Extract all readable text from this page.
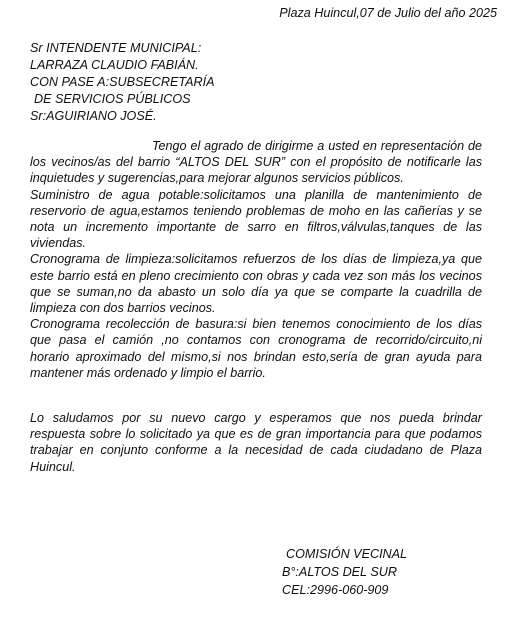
Plaza Huincul,07 de Julio del año 2025
Sr INTENDENTE MUNICIPAL:
LARRAZA CLAUDIO FABIÁN.
CON PASE A:SUBSECRETARÍA
DE SERVICIOS PÚBLICOS
Sr:AGUIRIANO JOSÉ.

Tengo el agrado de dirigirme a usted en representación de los vecinos/as del barrio “ALTOS DEL SUR” con el propósito de notificarle las inquietudes y sugerencias,para mejorar algunos servicios públicos.

Suministro de agua potable:solicitamos una planilla de mantenimiento de reservorio de agua,estamos teniendo problemas de moho en las cañerías y se nota un incremento importante de sarro en filtros,válvulas,tanques de las viviendas.

Cronograma de limpieza:solicitamos refuerzos de los días de limpieza,ya que este barrio está en pleno crecimiento con obras y cada vez son más los vecinos que se suman,no da abasto un solo día ya que se comparte la cuadrilla de limpieza con dos barrios vecinos.

Cronograma recolección de basura:si bien tenemos conocimiento de los días que pasa el camión ,no contamos con cronograma de recorrido/circuito,ni horario aproximado del mismo,si nos brindan esto,sería de gran ayuda para mantener más ordenado y limpio el barrio.

Lo saludamos por su nuevo cargo y esperamos que nos pueda brindar respuesta sobre lo solicitado ya que es de gran importancia para que podamos trabajar en conjunto conforme a la necesidad de cada ciudadano de Plaza Huincul.

COMISIÓN VECINAL
B°:ALTOS DEL SUR
CEL:2996-060-909
